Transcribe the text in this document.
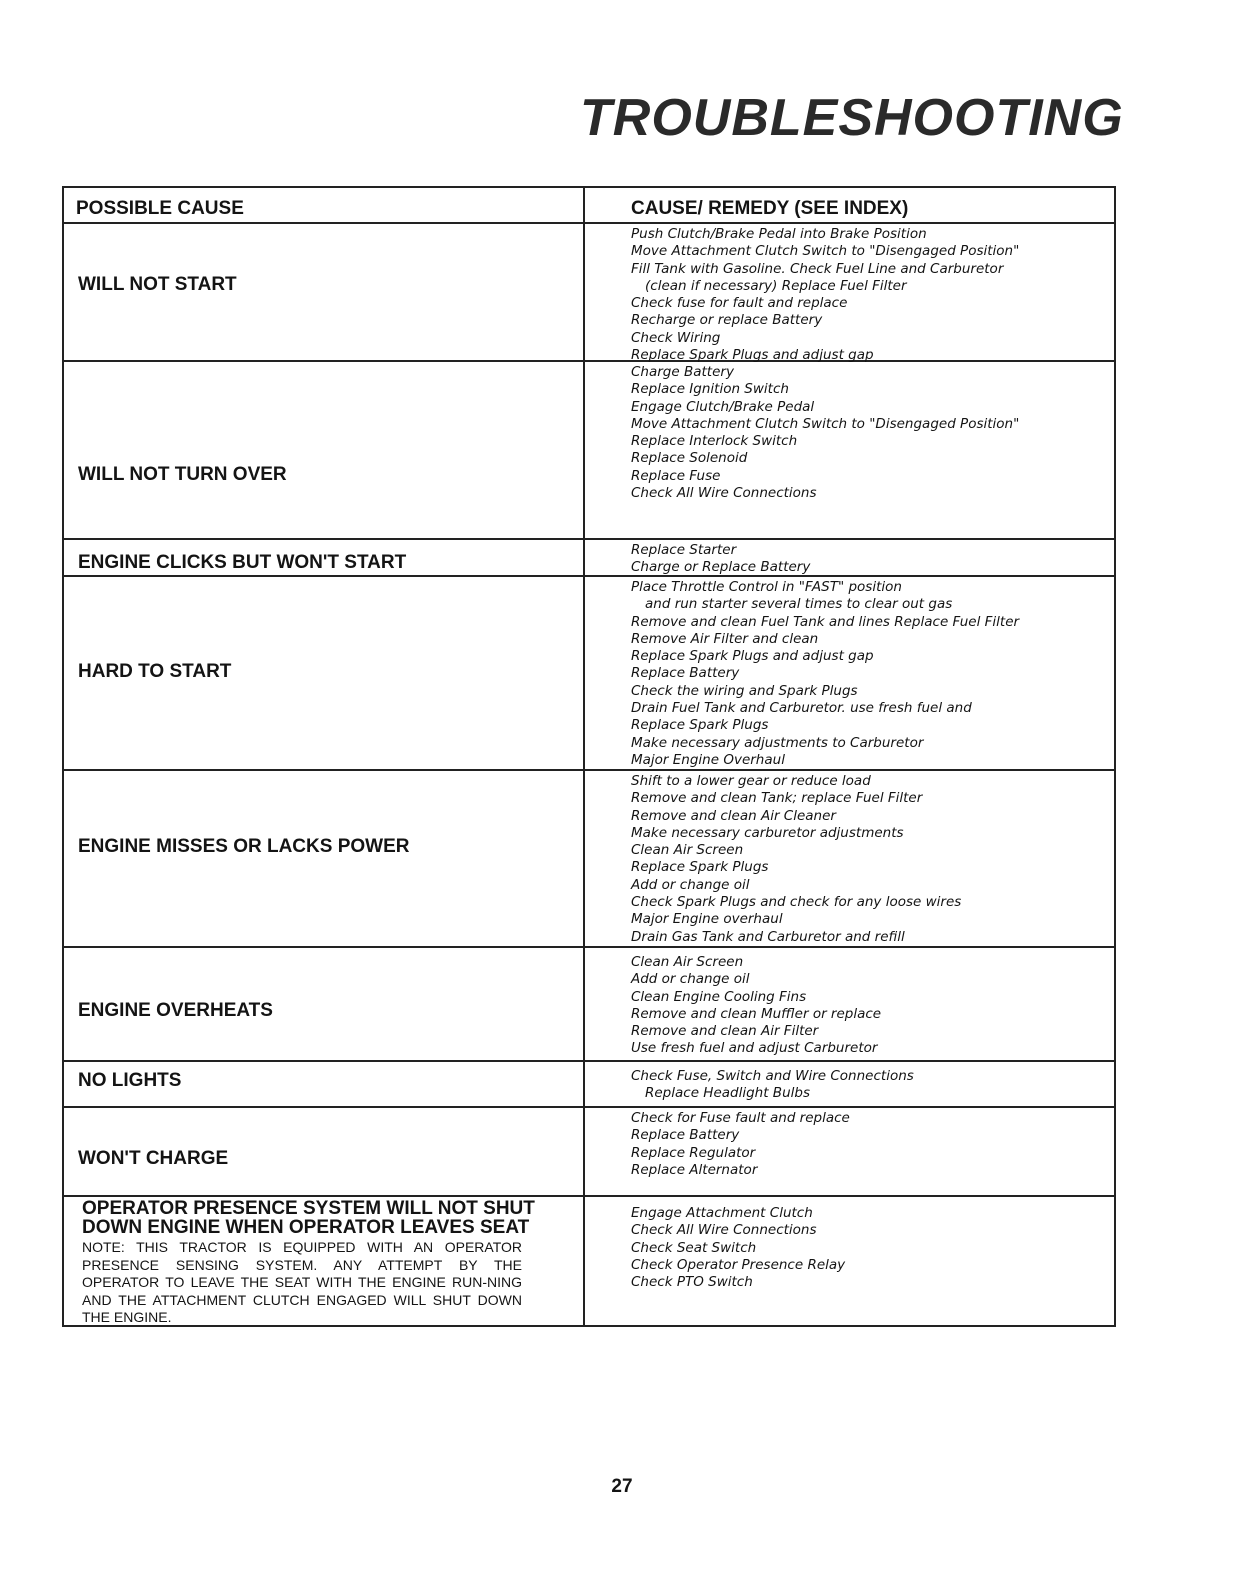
TROUBLESHOOTING
POSSIBLE CAUSE	CAUSE/ REMEDY (SEE INDEX)
WILL NOT START
Push Clutch/Brake Pedal into Brake Position
Move Attachment Clutch Switch to "Disengaged Position"
Fill Tank with Gasoline. Check Fuel Line and Carburetor
(clean if necessary) Replace Fuel Filter
Check fuse for fault and replace
Recharge or replace Battery
Check Wiring
Replace Spark Plugs and adjust gap
WILL NOT TURN OVER
Charge Battery
Replace Ignition Switch
Engage Clutch/Brake Pedal
Move Attachment Clutch Switch to "Disengaged Position"
Replace Interlock Switch
Replace Solenoid
Replace Fuse
Check All Wire Connections
ENGINE CLICKS BUT WON'T START
Replace Starter
Charge or Replace Battery
HARD TO START
Place Throttle Control in "FAST" position
and run starter several times to clear out gas
Remove and clean Fuel Tank and lines Replace Fuel Filter
Remove Air Filter and clean
Replace Spark Plugs and adjust gap
Replace Battery
Check the wiring and Spark Plugs
Drain Fuel Tank and Carburetor. use fresh fuel and
Replace Spark Plugs
Make necessary adjustments to Carburetor
Major Engine Overhaul
ENGINE MISSES OR LACKS POWER
Shift to a lower gear or reduce load
Remove and clean Tank; replace Fuel Filter
Remove and clean Air Cleaner
Make necessary carburetor adjustments
Clean Air Screen
Replace Spark Plugs
Add or change oil
Check Spark Plugs and check for any loose wires
Major Engine overhaul
Drain Gas Tank and Carburetor and refill
ENGINE OVERHEATS
Clean Air Screen
Add or change oil
Clean Engine Cooling Fins
Remove and clean Muffler or replace
Remove and clean Air Filter
Use fresh fuel and adjust Carburetor
NO LIGHTS	Check Fuse, Switch and Wire Connections
Replace Headlight Bulbs
WON'T CHARGE
Check for Fuse fault and replace
Replace Battery
Replace Regulator
Replace Alternator
OPERATOR PRESENCE SYSTEM WILL NOT SHUT DOWN ENGINE WHEN OPERATOR LEAVES SEAT
NOTE: THIS TRACTOR IS EQUIPPED WITH AN OPERATOR PRESENCE SENSING SYSTEM. ANY ATTEMPT BY THE OPERATOR TO LEAVE THE SEAT WITH THE ENGINE RUN-NING AND THE ATTACHMENT CLUTCH ENGAGED WILL SHUT DOWN THE ENGINE.
Engage Attachment Clutch
Check All Wire Connections
Check Seat Switch
Check Operator Presence Relay
Check PTO Switch
27
